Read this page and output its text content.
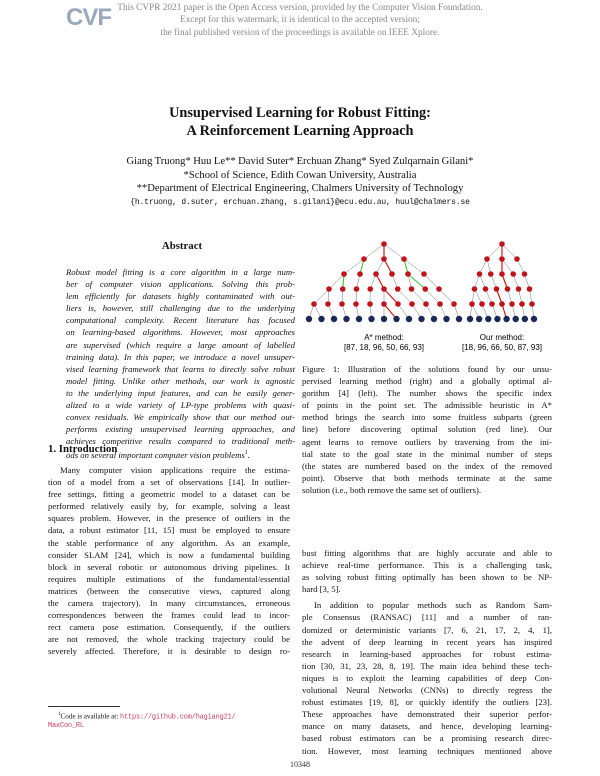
CVF This CVPR 2021 paper is the Open Access version, provided by the Computer Vision Foundation.
Except for this watermark, it is identical to the accepted version;
the final published version of the proceedings is available on IEEE Xplore.
Unsupervised Learning for Robust Fitting:
A Reinforcement Learning Approach
Giang Truong* Huu Le** David Suter* Erchuan Zhang* Syed Zulqarnain Gilani*
*School of Science, Edith Cowan University, Australia
**Department of Electrical Engineering, Chalmers University of Technology
{h.truong, d.suter, erchuan.zhang, s.gilani}@ecu.edu.au, huul@chalmers.se
Abstract
Robust model fitting is a core algorithm in a large num-
ber of computer vision applications. Solving this prob-
lem efficiently for datasets highly contaminated with out-
liers is, however, still challenging due to the underlying
computational complexity. Recent literature has focused
on learning-based algorithms. However, most approaches
are supervised (which require a large amount of labelled
training data). In this paper, we introduce a novel unsuper-
vised learning framework that learns to directly solve robust
model fitting. Unlike other methods, our work is agnostic
to the underlying input features, and can be easily gener-
alized to a wide variety of LP-type problems with quasi-
convex residuals. We empirically show that our method out-
performs existing unsupervised learning approaches, and
achieves competitive results compared to traditional meth-
ods on several important computer vision problems$^1$.
1. Introduction
Many computer vision applications require the estima-
tion of a model from a set of observations [14]. In outlier-
free settings, fitting a geometric model to a dataset can be
performed relatively easily by, for example, solving a least
squares problem. However, in the presence of outliers in the
data, a robust estimator [11, 15] must be employed to ensure
the stable performance of any algorithm. As an example,
consider SLAM [24], which is now a fundamental building
block in several robotic or autonomous driving pipelines. It
requires multiple estimations of the fundamental/essential
matrices (between the consecutive views, captured along
the camera trajectory). In many circumstances, erroneous
correspondences between the frames could lead to incor-
rect camera pose estimation. Consequently, if the outliers
are not removed, the whole tracking trajectory could be
severely affected. Therefore, it is desirable to design ro-
$^1$Code is available at: https://github.com/hagiang21/
MaxCon_RL
A* method:
[87, 18, 96, 50, 66, 93]
Our method:
[18, 96, 66, 50, 87, 93]
Figure 1: Illustration of the solutions found by our unsu-
pervised learning method (right) and a globally optimal al-
gorithm [4] (left). The number shows the specific index
of points in the point set. The admissible heuristic in A*
method brings the search into some fruitless subparts (green
line) before discovering optimal solution (red line). Our
agent learns to remove outliers by traversing from the ini-
tial state to the goal state in the minimal number of steps
(the states are numbered based on the index of the removed
point). Observe that both methods terminate at the same
solution (i.e., both remove the same set of outliers).
bust fitting algorithms that are highly accurate and able to
achieve real-time performance. This is a challenging task,
as solving robust fitting optimally has been shown to be NP-
hard [3, 5].
In addition to popular methods such as Random Sam-
ple Consensus (RANSAC) [11] and a number of ran-
domized or deterministic variants [7, 6, 21, 17, 2, 4, 1],
the advent of deep learning in recent years has inspired
research in learning-based approaches for robust estima-
tion [30, 31, 23, 28, 8, 19]. The main idea behind these tech-
niques is to exploit the learning capabilities of deep Con-
volutional Neural Networks (CNNs) to directly regress the
robust estimates [19, 8], or quickly identify the outliers [23].
These approaches have demonstrated their superior perfor-
mance on many datasets, and hence, developing learning-
based robust estimators can be a promising research direc-
tion. However, most learning techniques mentioned above
10348
